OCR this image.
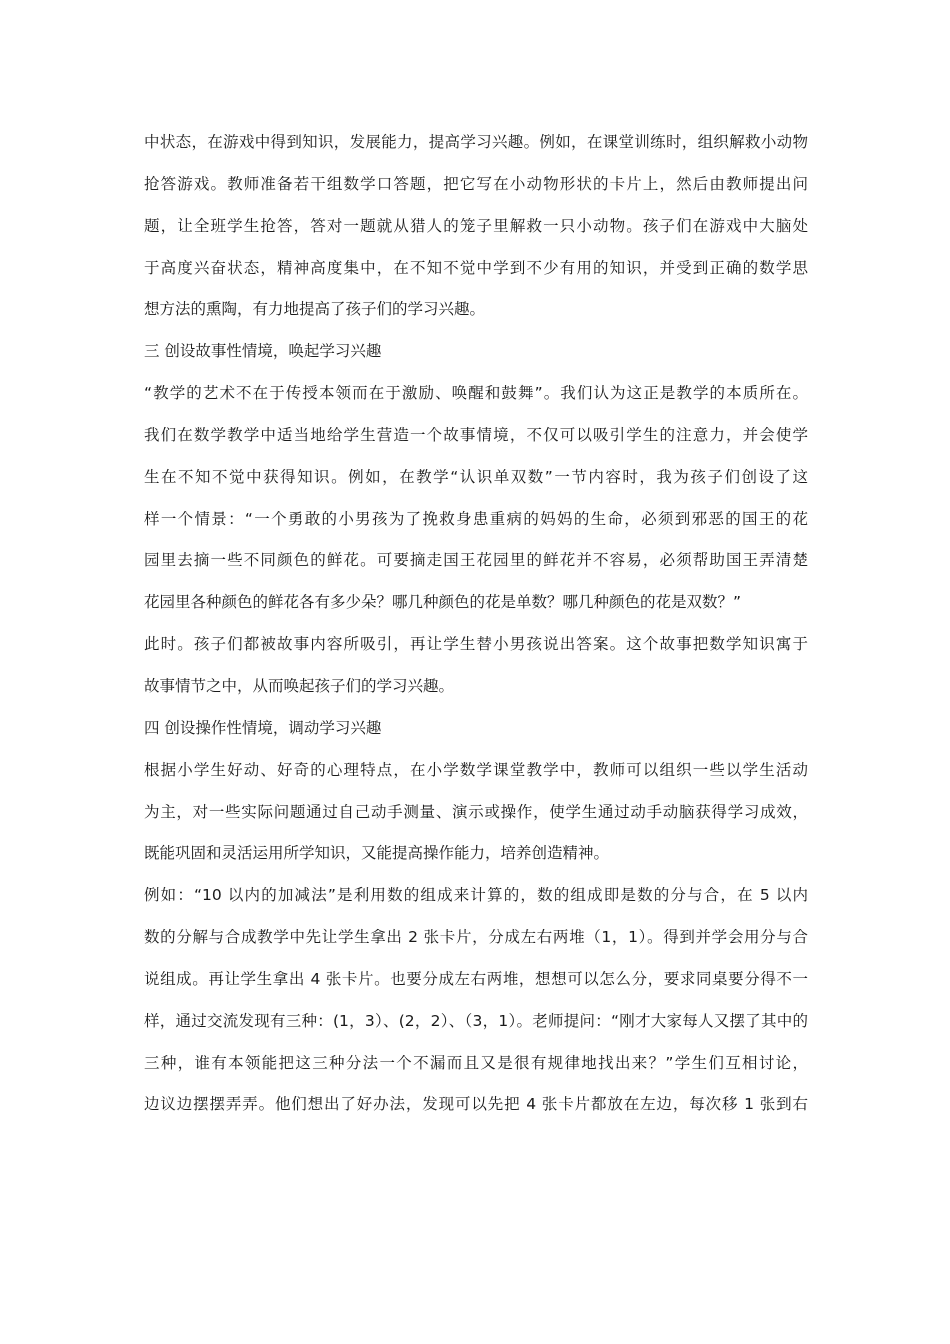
中状态，在游戏中得到知识，发展能力，提高学习兴趣。例如，在课堂训练时，组织解救小动物
抢答游戏。教师准备若干组数学口答题，把它写在小动物形状的卡片上，然后由教师提出问
题，让全班学生抢答，答对一题就从猎人的笼子里解救一只小动物。孩子们在游戏中大脑处
于高度兴奋状态，精神高度集中，在不知不觉中学到不少有用的知识，并受到正确的数学思
想方法的熏陶，有力地提高了孩子们的学习兴趣。
三 创设故事性情境，唤起学习兴趣
“教学的艺术不在于传授本领而在于激励、唤醒和鼓舞”。我们认为这正是教学的本质所在。
我们在数学教学中适当地给学生营造一个故事情境，不仅可以吸引学生的注意力，并会使学
生在不知不觉中获得知识。例如，在教学“认识单双数”一节内容时，我为孩子们创设了这
样一个情景：“一个勇敢的小男孩为了挽救身患重病的妈妈的生命，必须到邪恶的国王的花
园里去摘一些不同颜色的鲜花。可要摘走国王花园里的鲜花并不容易，必须帮助国王弄清楚
花园里各种颜色的鲜花各有多少朵？哪几种颜色的花是单数？哪几种颜色的花是双数？”
此时。孩子们都被故事内容所吸引，再让学生替小男孩说出答案。这个故事把数学知识寓于
故事情节之中，从而唤起孩子们的学习兴趣。
四 创设操作性情境，调动学习兴趣
根据小学生好动、好奇的心理特点，在小学数学课堂教学中，教师可以组织一些以学生活动
为主，对一些实际问题通过自己动手测量、演示或操作，使学生通过动手动脑获得学习成效，
既能巩固和灵活运用所学知识，又能提高操作能力，培养创造精神。
例如：“10 以内的加减法”是利用数的组成来计算的，数的组成即是数的分与合，在 5 以内
数的分解与合成教学中先让学生拿出 2 张卡片，分成左右两堆（1，1）。得到并学会用分与合
说组成。再让学生拿出 4 张卡片。也要分成左右两堆，想想可以怎么分，要求同桌要分得不一
样，通过交流发现有三种：(1，3）、(2，2）、（3，1）。老师提问：“刚才大家每人又摆了其中的
三种，谁有本领能把这三种分法一个不漏而且又是很有规律地找出来？”学生们互相讨论，
边议边摆摆弄弄。他们想出了好办法，发现可以先把 4 张卡片都放在左边，每次移 1 张到右
